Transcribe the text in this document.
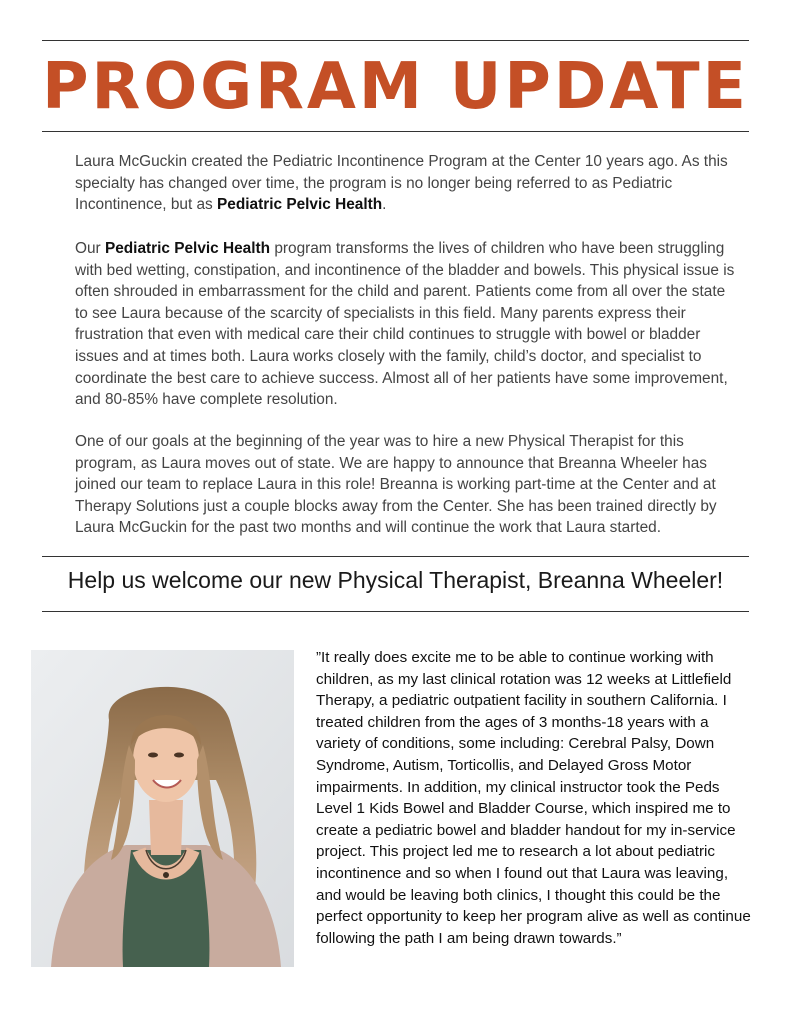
PROGRAM UPDATE
Laura McGuckin created the Pediatric Incontinence Program at the Center 10 years ago. As this specialty has changed over time, the program is no longer being referred to as Pediatric Incontinence, but as Pediatric Pelvic Health.
Our Pediatric Pelvic Health program transforms the lives of children who have been struggling with bed wetting, constipation, and incontinence of the bladder and bowels. This physical issue is often shrouded in embarrassment for the child and parent. Patients come from all over the state to see Laura because of the scarcity of specialists in this field. Many parents express their frustration that even with medical care their child continues to struggle with bowel or bladder issues and at times both. Laura works closely with the family, child’s doctor, and specialist to coordinate the best care to achieve success. Almost all of her patients have some improvement, and 80-85% have complete resolution.
One of our goals at the beginning of the year was to hire a new Physical Therapist for this program, as Laura moves out of state. We are happy to announce that Breanna Wheeler has joined our team to replace Laura in this role! Breanna is working part-time at the Center and at Therapy Solutions just a couple blocks away from the Center. She has been trained directly by Laura McGuckin for the past two months and will continue the work that Laura started.
Help us welcome our new Physical Therapist, Breanna Wheeler!
”It really does excite me to be able to continue working with children, as my last clinical rotation was 12 weeks at Littlefield Therapy, a pediatric outpatient facility in southern California. I treated children from the ages of 3 months-18 years with a variety of conditions, some including: Cerebral Palsy, Down Syndrome, Autism, Torticollis, and Delayed Gross Motor impairments. In addition, my clinical instructor took the Peds Level 1 Kids Bowel and Bladder Course, which inspired me to create a pediatric bowel and bladder handout for my in-service project. This project led me to research a lot about pediatric incontinence and so when I found out that Laura was leaving, and would be leaving both clinics, I thought this could be the perfect opportunity to keep her program alive as well as continue following the path I am being drawn towards.”
